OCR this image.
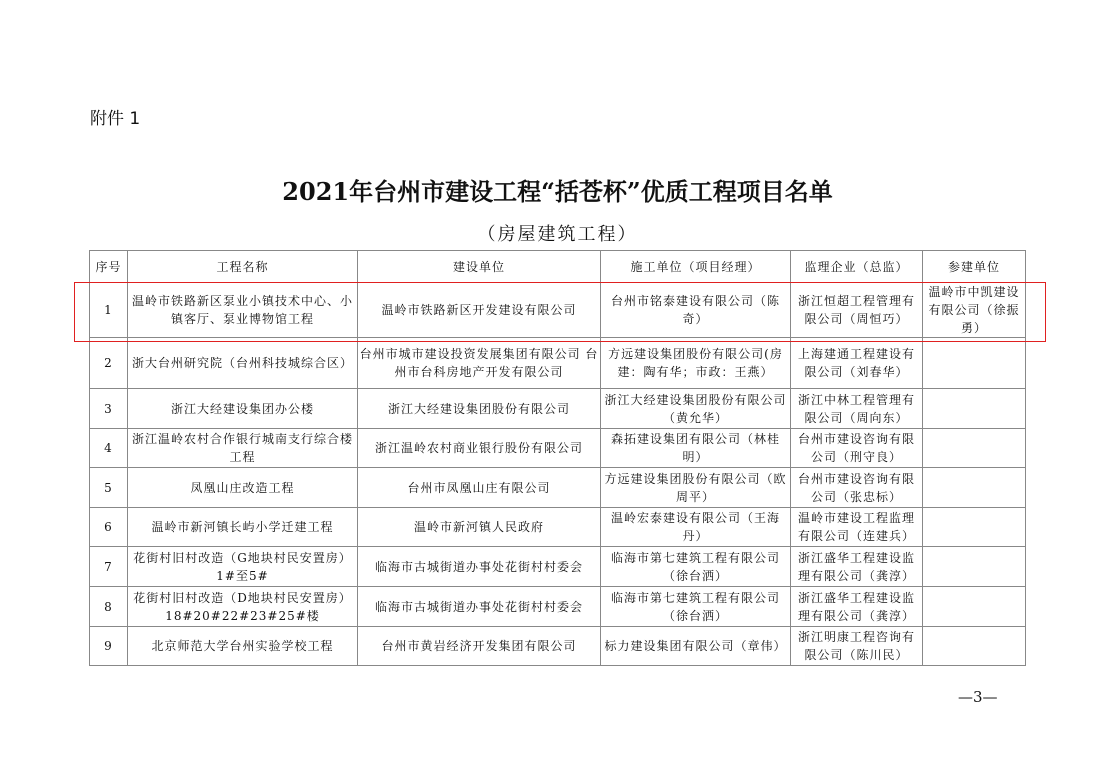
附件 1
2021年台州市建设工程“括苍杯”优质工程项目名单
（房屋建筑工程）
序号	工程名称	建设单位	施工单位（项目经理）	监理企业（总监）	参建单位
1	温岭市铁路新区泵业小镇技术中心、小镇客厅、泵业博物馆工程	温岭市铁路新区开发建设有限公司	台州市铭泰建设有限公司（陈奇）	浙江恒超工程管理有限公司（周恒巧）	温岭市中凯建设有限公司（徐振勇）
2	浙大台州研究院（台州科技城综合区）	台州市城市建设投资发展集团有限公司 台州市台科房地产开发有限公司	方远建设集团股份有限公司(房建：陶有华；市政：王燕）	上海建通工程建设有限公司（刘春华）	
3	浙江大经建设集团办公楼	浙江大经建设集团股份有限公司	浙江大经建设集团股份有限公司（黄允华）	浙江中林工程管理有限公司（周向东）	
4	浙江温岭农村合作银行城南支行综合楼工程	浙江温岭农村商业银行股份有限公司	森拓建设集团有限公司（林桂明）	台州市建设咨询有限公司（刑守良）	
5	凤凰山庄改造工程	台州市凤凰山庄有限公司	方远建设集团股份有限公司（欧周平）	台州市建设咨询有限公司（张忠标）	
6	温岭市新河镇长屿小学迁建工程	温岭市新河镇人民政府	温岭宏泰建设有限公司（王海丹）	温岭市建设工程监理有限公司（连建兵）	
7	花街村旧村改造（G地块村民安置房）1#至5#	临海市古城街道办事处花街村村委会	临海市第七建筑工程有限公司（徐台洒）	浙江盛华工程建设监理有限公司（龚淳）	
8	花街村旧村改造（D地块村民安置房）18#20#22#23#25#楼	临海市古城街道办事处花街村村委会	临海市第七建筑工程有限公司（徐台洒）	浙江盛华工程建设监理有限公司（龚淳）	
9	北京师范大学台州实验学校工程	台州市黄岩经济开发集团有限公司	标力建设集团有限公司（章伟）	浙江明康工程咨询有限公司（陈川民）	
—3—
